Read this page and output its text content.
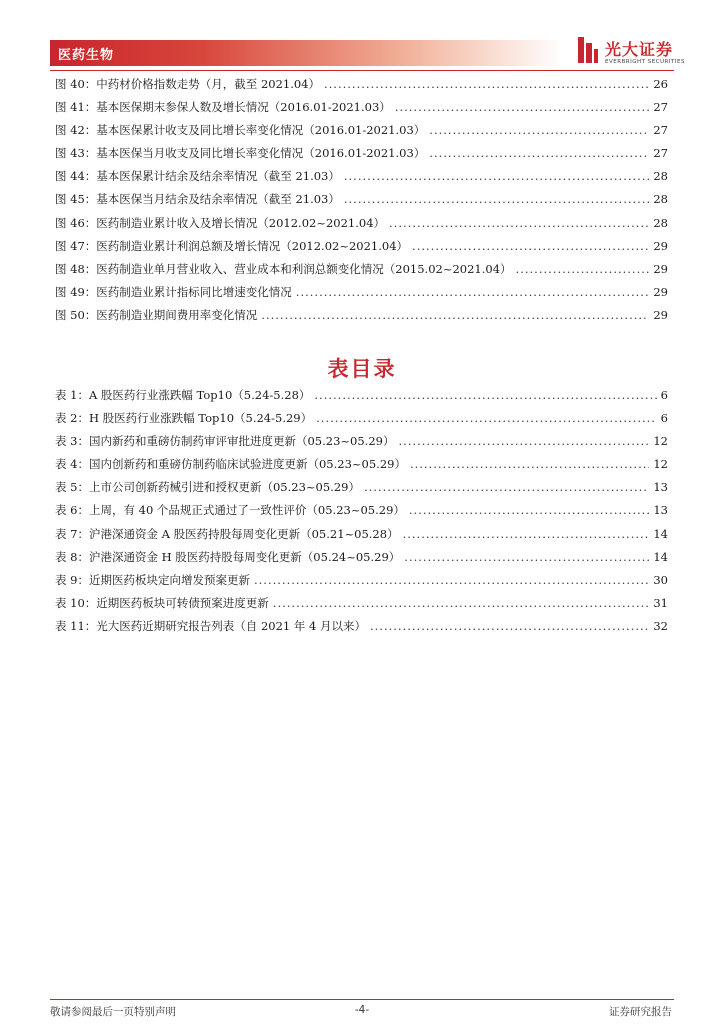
医药生物	光大证券
EVERBRIGHT SECURITIES
图 40：中药材价格指数走势（月，截至 2021.04） .....	26
图 41：基本医保期末参保人数及增长情况（2016.01-2021.03） .....	27
图 42：基本医保累计收支及同比增长率变化情况（2016.01-2021.03） .....	27
图 43：基本医保当月收支及同比增长率变化情况（2016.01-2021.03） .....	27
图 44：基本医保累计结余及结余率情况（截至 21.03） .....	28
图 45：基本医保当月结余及结余率情况（截至 21.03） .....	28
图 46：医药制造业累计收入及增长情况（2012.02~2021.04） .....	28
图 47：医药制造业累计利润总额及增长情况（2012.02~2021.04） .....	29
图 48：医药制造业单月营业收入、营业成本和利润总额变化情况（2015.02~2021.04） .....	29
图 49：医药制造业累计指标同比增速变化情况 .....	29
图 50：医药制造业期间费用率变化情况 .....	29
表目录
表 1：A 股医药行业涨跌幅 Top10（5.24-5.28） .....	6
表 2：H 股医药行业涨跌幅 Top10（5.24-5.29） .....	6
表 3：国内新药和重磅仿制药审评审批进度更新（05.23~05.29） .....	12
表 4：国内创新药和重磅仿制药临床试验进度更新（05.23~05.29） .....	12
表 5：上市公司创新药械引进和授权更新（05.23~05.29） .....	13
表 6：上周，有 40 个品规正式通过了一致性评价（05.23~05.29） .....	13
表 7：沪港深通资金 A 股医药持股每周变化更新（05.21~05.28） .....	14
表 8：沪港深通资金 H 股医药持股每周变化更新（05.24~05.29） .....	14
表 9：近期医药板块定向增发预案更新 .....	30
表 10：近期医药板块可转债预案进度更新 .....	31
表 11：光大医药近期研究报告列表（自 2021 年 4 月以来） .....	32
敬请参阅最后一页特别声明	-4-	证券研究报告
